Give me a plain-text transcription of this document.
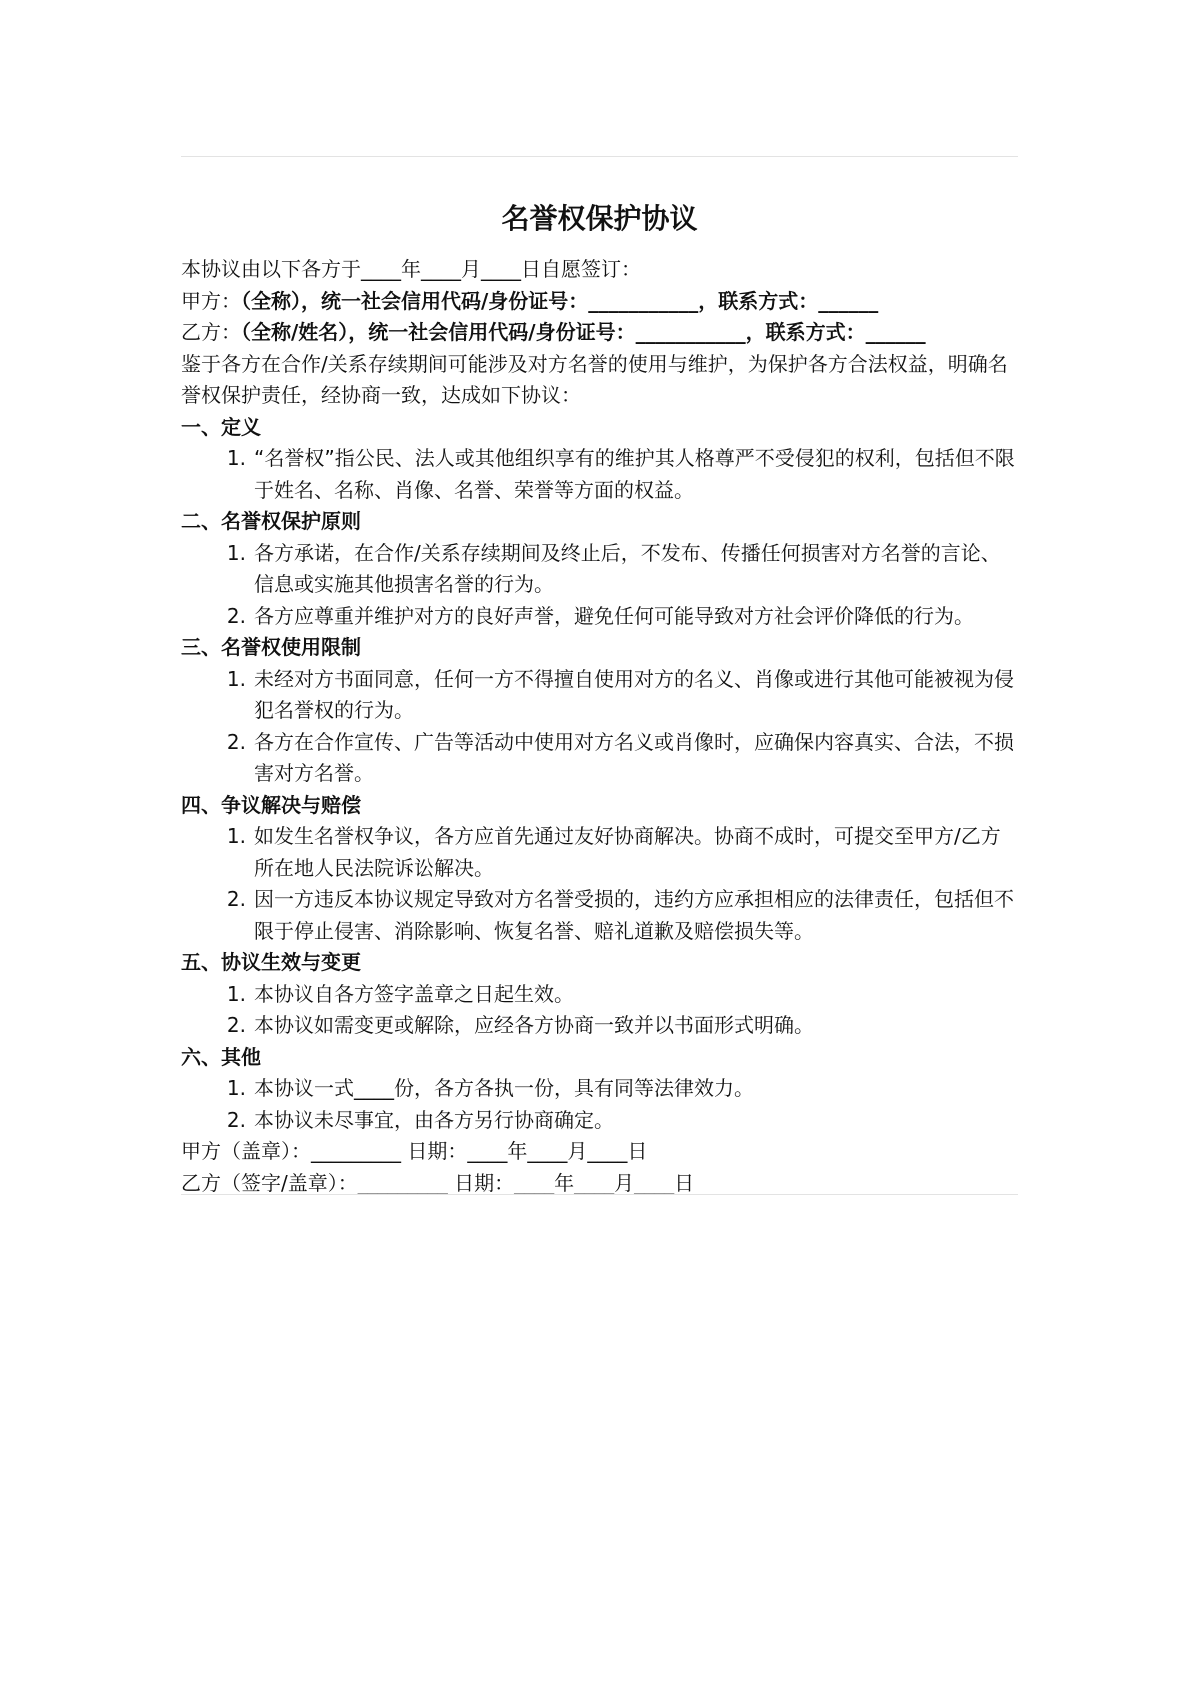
名誉权保护协议

本协议由以下各方于____年____月____日自愿签订：

甲方：（全称），统一社会信用代码/身份证号：___________，联系方式：______

乙方：（全称/姓名），统一社会信用代码/身份证号：___________，联系方式：______

鉴于各方在合作/关系存续期间可能涉及对方名誉的使用与维护，为保护各方合法权益，明确名誉权保护责任，经协商一致，达成如下协议：

一、定义

1. “名誉权”指公民、法人或其他组织享有的维护其人格尊严不受侵犯的权利，包括但不限于姓名、名称、肖像、名誉、荣誉等方面的权益。

二、名誉权保护原则

1. 各方承诺，在合作/关系存续期间及终止后，不发布、传播任何损害对方名誉的言论、信息或实施其他损害名誉的行为。
2. 各方应尊重并维护对方的良好声誉，避免任何可能导致对方社会评价降低的行为。

三、名誉权使用限制

1. 未经对方书面同意，任何一方不得擅自使用对方的名义、肖像或进行其他可能被视为侵犯名誉权的行为。
2. 各方在合作宣传、广告等活动中使用对方名义或肖像时，应确保内容真实、合法，不损害对方名誉。

四、争议解决与赔偿

1. 如发生名誉权争议，各方应首先通过友好协商解决。协商不成时，可提交至甲方/乙方所在地人民法院诉讼解决。
2. 因一方违反本协议规定导致对方名誉受损的，违约方应承担相应的法律责任，包括但不限于停止侵害、消除影响、恢复名誉、赔礼道歉及赔偿损失等。

五、协议生效与变更

1. 本协议自各方签字盖章之日起生效。
2. 本协议如需变更或解除，应经各方协商一致并以书面形式明确。

六、其他

1. 本协议一式____份，各方各执一份，具有同等法律效力。
2. 本协议未尽事宜，由各方另行协商确定。

甲方（盖章）：_________ 日期：____年____月____日

乙方（签字/盖章）：_________ 日期：____年____月____日
